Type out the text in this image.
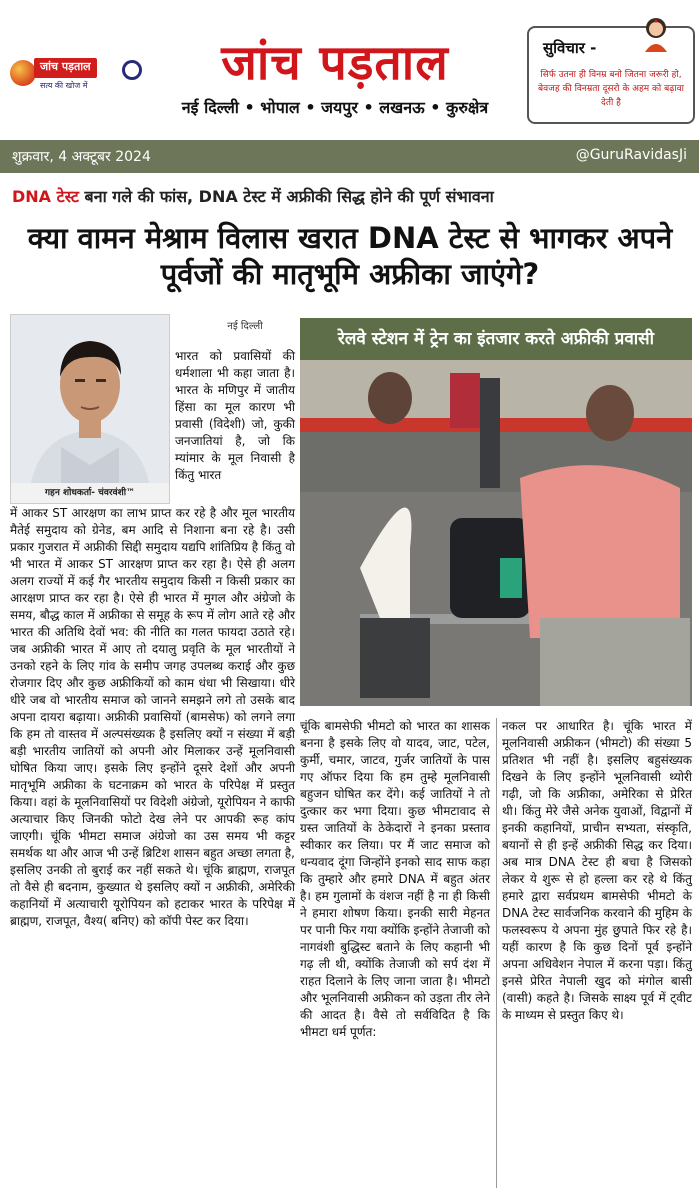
जांच पड़ताल
सत्य की खोज में	जांच पड़ताल
नई दिल्ली • भोपाल • जयपुर • लखनऊ • कुरुक्षेत्र
सुविचार -
सिर्फ उतना ही विनम्र बनो जितना जरूरी हो, बेवजह की विनम्रता दूसरो के अहम को बढ़ावा देती है
शुक्रवार, 4 अक्टूबर 2024	@GuruRavidasJi
DNA टेस्ट बना गले की फांस, DNA टेस्ट में अफ्रीकी सिद्ध होने की पूर्ण संभावना
क्या वामन मेश्राम विलास खरात DNA टेस्ट से भागकर अपने पूर्वजों की मातृभूमि अफ्रीका जाएंगे?
गहन शोधकर्ता- चंवरवंशी™
नई दिल्ली
भारत को प्रवासियों की धर्मशाला भी कहा जाता है। भारत के मणिपुर में जातीय हिंसा का मूल कारण भी प्रवासी (विदेशी) जो, कुकी जनजातियां है, जो कि म्यांमार के मूल निवासी है किंतु भारत
में आकर ST आरक्षण का लाभ प्राप्त कर रहे है और मूल भारतीय मैतेई समुदाय को ग्रेनेड, बम आदि से निशाना बना रहे है। उसी प्रकार गुजरात में अफ्रीकी सिद्दी समुदाय यद्यपि शांतिप्रिय है किंतु वो भी भारत में आकर ST आरक्षण प्राप्त कर रहा है। ऐसे ही अलग अलग राज्यों में कई गैर भारतीय समुदाय किसी न किसी प्रकार का आरक्षण प्राप्त कर रहा है। ऐसे ही भारत में मुगल और अंग्रेजो के समय, बौद्ध काल में अफ्रीका से समूह के रूप में लोग आते रहे और भारत की अतिथि देवों भव: की नीति का गलत फायदा उठाते रहे। जब अफ्रीकी भारत में आए तो दयालु प्रवृति के मूल भारतीयों ने उनको रहने के लिए गांव के समीप जगह उपलब्ध कराई और कुछ रोजगार दिए और कुछ अफ्रीकियों को काम धंधा भी सिखाया। धीरे धीरे जब वो भारतीय समाज को जानने समझने लगे तो उसके बाद अपना दायरा बढ़ाया। अफ्रीकी प्रवासियों (बामसेफ) को लगने लगा कि हम तो वास्तव में अल्पसंख्यक है इसलिए क्यों न संख्या में बड़ी बड़ी भारतीय जातियों को अपनी ओर मिलाकर उन्हें मूलनिवासी घोषित किया जाए। इसके लिए इन्होंने दूसरे देशों और अपनी मातृभूमि अफ्रीका के घटनाक्रम को भारत के परिपेक्ष में प्रस्तुत किया। वहां के मूलनिवासियों पर विदेशी अंग्रेजो, यूरोपियन ने काफी अत्याचार किए जिनकी फोटो देख लेने पर आपकी रूह कांप जाएगी। चूंकि भीमटा समाज अंग्रेजो का उस समय भी कट्टर समर्थक था और आज भी उन्हें ब्रिटिश शासन बहुत अच्छा लगता है, इसलिए उनकी तो बुराई कर नहीं सकते थे। चूंकि ब्राह्मण, राजपूत तो वैसे ही बदनाम, कुख्यात थे इसलिए क्यों न अफ्रीकी, अमेरिकी कहानियों में अत्याचारी यूरोपियन को हटाकर भारत के परिपेक्ष में ब्राह्मण, राजपूत, वैश्य( बनिए) को कॉपी पेस्ट कर दिया।
रेलवे स्टेशन में ट्रेन का इंतजार करते अफ्रीकी प्रवासी
चूंकि बामसेफी भीमटो को भारत का शासक बनना है इसके लिए वो यादव, जाट, पटेल, कुर्मी, चमार, जाटव, गुर्जर जातियों के पास गए ऑफर दिया कि हम तुम्हे मूलनिवासी बहुजन घोषित कर देंगे। कई जातियों ने तो दुत्कार कर भगा दिया। कुछ भीमटावाद से ग्रस्त जातियों के ठेकेदारों ने इनका प्रस्ताव स्वीकार कर लिया। पर मैं जाट समाज को धन्यवाद दूंगा जिन्होंने इनको साद साफ कहा कि तुम्हारे और हमारे DNA में बहुत अंतर है। हम गुलामों के वंशज नहीं है ना ही किसी ने हमारा शोषण किया। इनकी सारी मेहनत पर पानी फिर गया क्योंकि इन्होंने तेजाजी को नागवंशी बुद्धिस्ट बताने के लिए कहानी भी गढ़ ली थी, क्योंकि तेजाजी को सर्प दंश में राहत दिलाने के लिए जाना जाता है। भीमटो और भूलनिवासी अफ्रीकन को उड़ता तीर लेने की आदत है। वैसे तो सर्वविदित है कि भीमटा धर्म पूर्णत:
नकल पर आधारित है। चूंकि भारत में मूलनिवासी अफ्रीकन (भीमटो) की संख्या 5 प्रतिशत भी नहीं है। इसलिए बहुसंख्यक दिखने के लिए इन्होंने भूलनिवासी थ्योरी गढ़ी, जो कि अफ्रीका, अमेरिका से प्रेरित थी। किंतु मेरे जैसे अनेक युवाओं, विद्वानों में इनकी कहानियों, प्राचीन सभ्यता, संस्कृति, बयानों से ही इन्हें अफ्रीकी सिद्ध कर दिया। अब मात्र DNA टेस्ट ही बचा है जिसको लेकर ये शुरू से हो हल्ला कर रहे थे किंतु हमारे द्वारा सर्वप्रथम बामसेफी भीमटो के DNA टेस्ट सार्वजनिक करवाने की मुहिम के फलस्वरूप ये अपना मुंह छुपाते फिर रहे है। यहीं कारण है कि कुछ दिनों पूर्व इन्होंने अपना अधिवेशन नेपाल में करना पड़ा। किंतु इनसे प्रेरित नेपाली खुद को मंगोल बासी (वासी) कहते है। जिसके साक्ष्य पूर्व में ट्वीट के माध्यम से प्रस्तुत किए थे।
